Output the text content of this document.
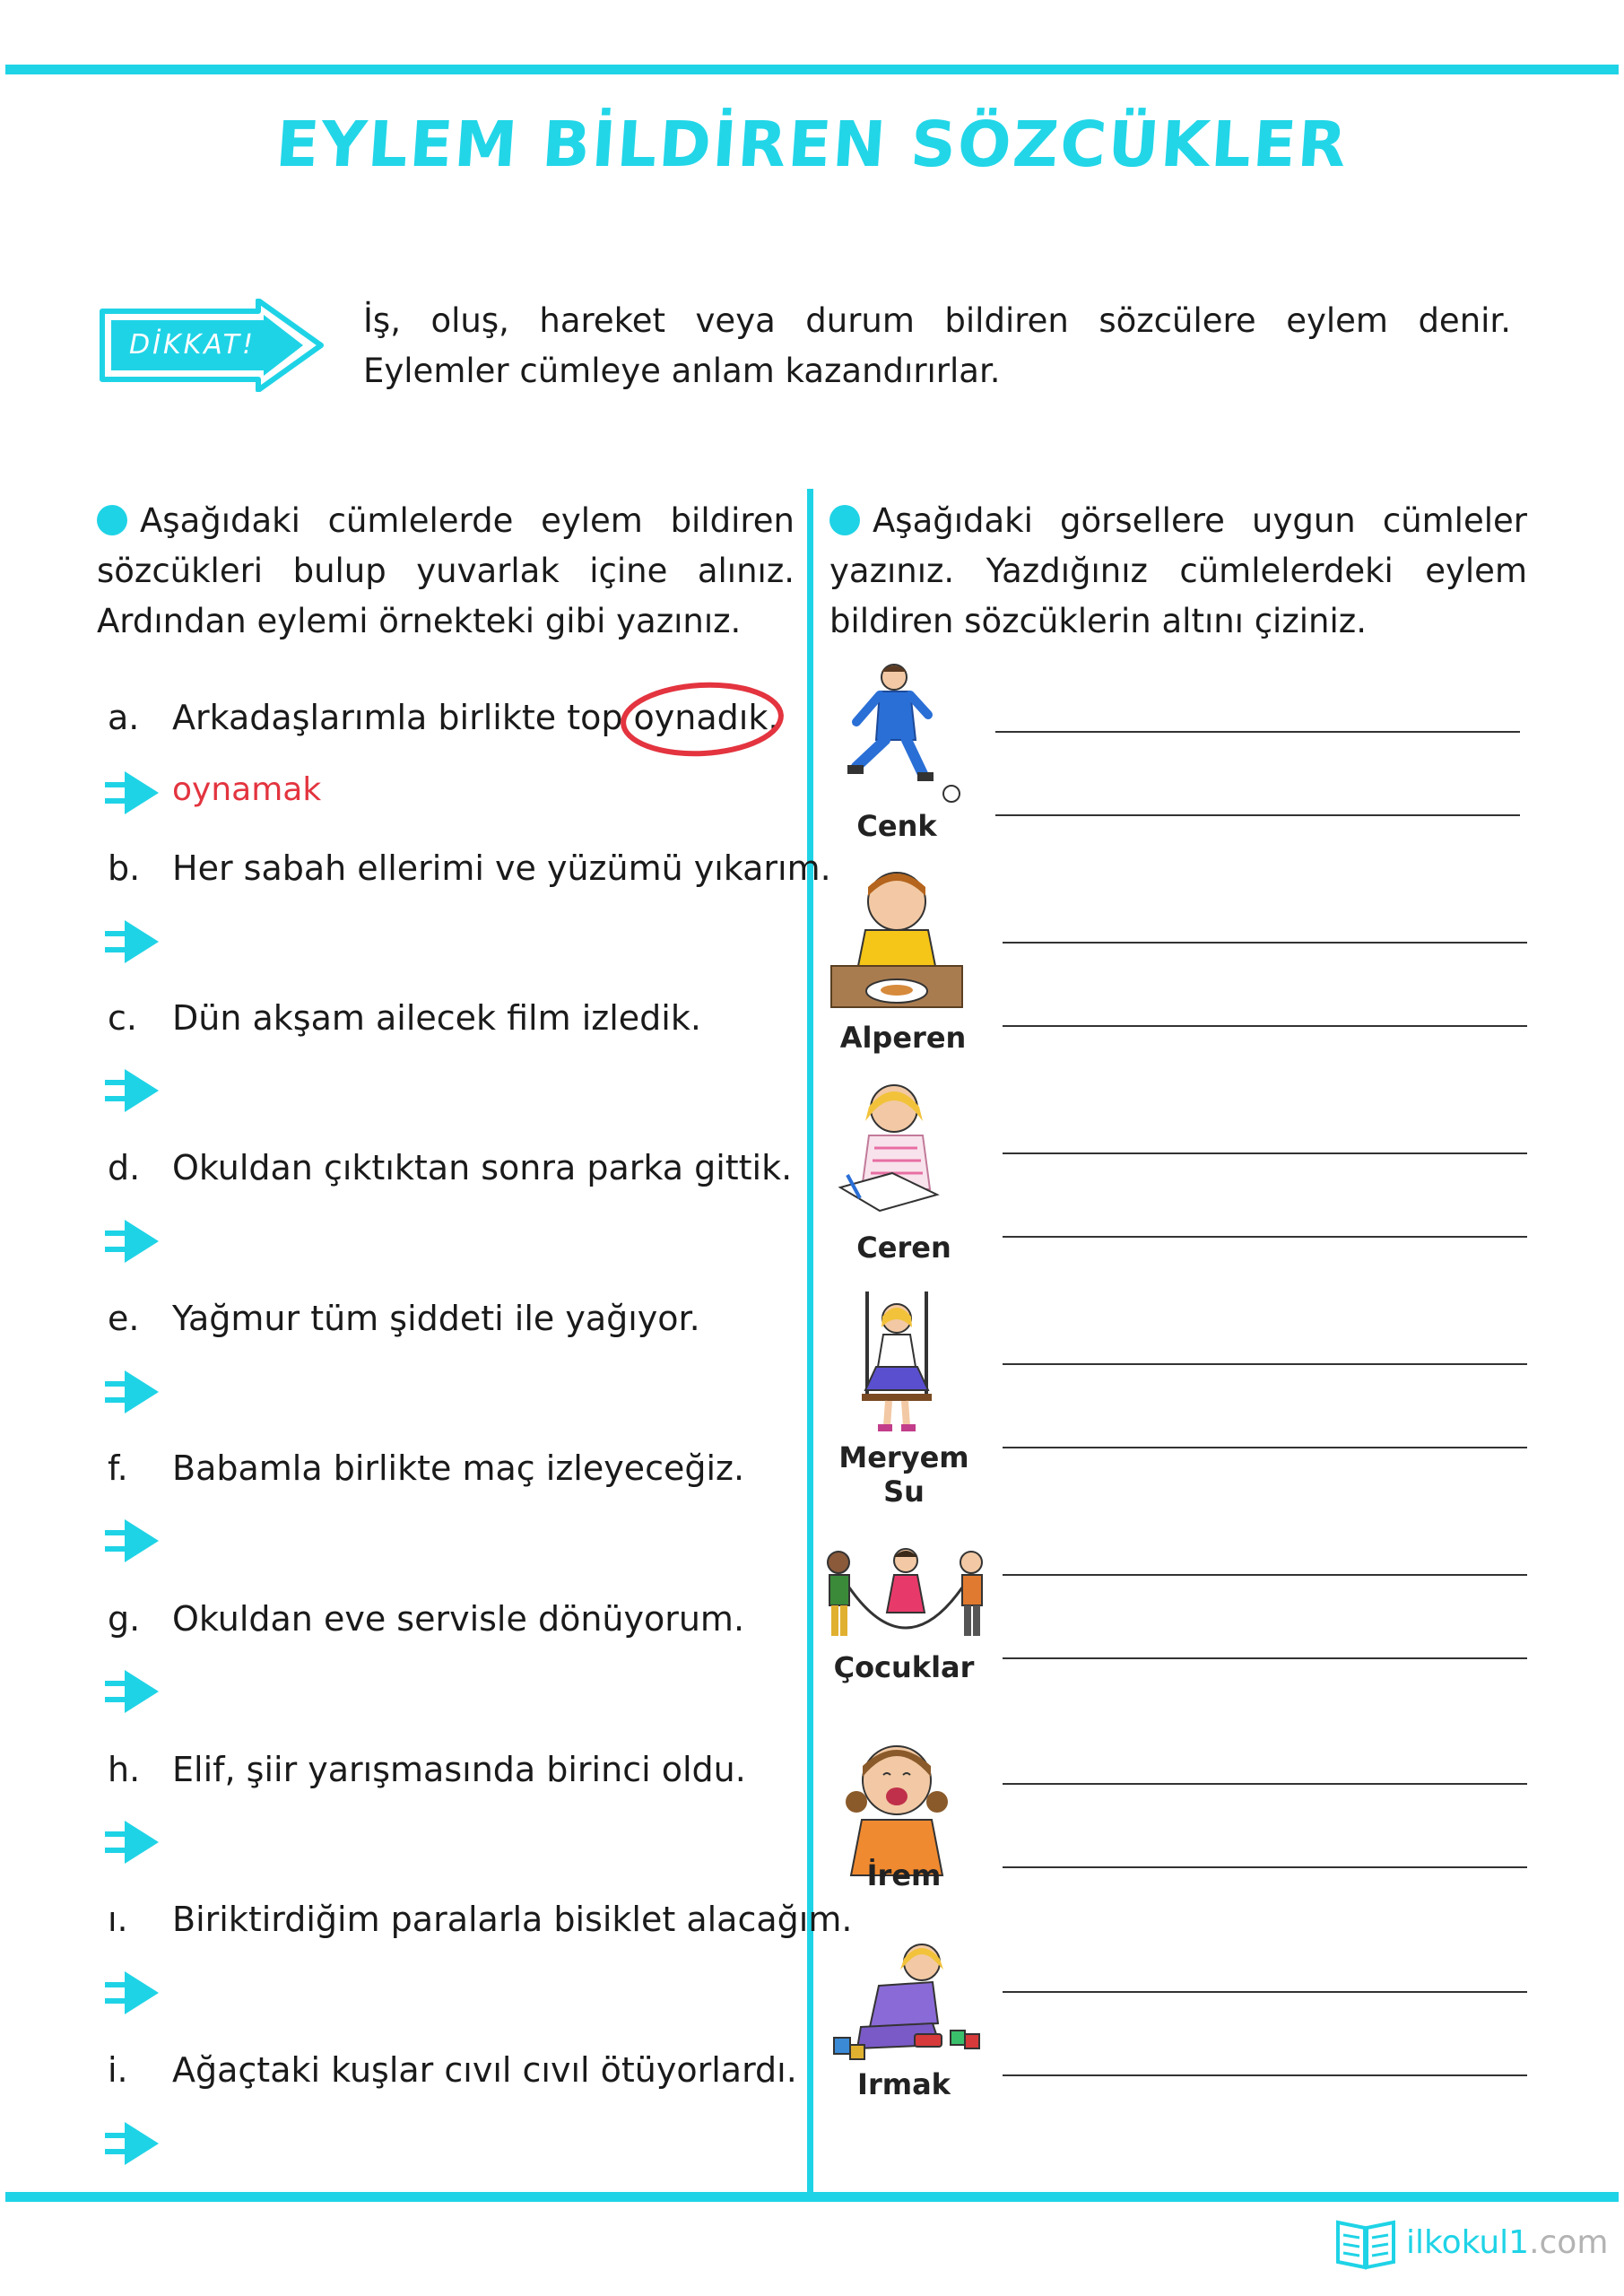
EYLEM BİLDİREN SÖZCÜKLER
DİKKAT!
İş, oluş, hareket veya durum bildiren sözcülere eylem denir. Eylemler cümleye anlam kazandırırlar.
Aşağıdaki cümlelerde eylem bildiren sözcükleri bulup yuvarlak içine alınız. Ardından eylemi örnekteki gibi yazınız.
Aşağıdaki görsellere uygun cümleler yazınız. Yazdığınız cümlelerdeki eylem bildiren sözcüklerin altını çiziniz.
a. Arkadaşlarımla birlikte top
oynadık.
oynamak
b. Her sabah ellerimi ve yüzümü yıkarım.
c. Dün akşam ailecek film izledik.
d. Okuldan çıktıktan sonra parka gittik.
e. Yağmur tüm şiddeti ile yağıyor.
f. Babamla birlikte maç izleyeceğiz.
g. Okuldan eve servisle dönüyorum.
h. Elif, şiir yarışmasında birinci oldu.
ı. Biriktirdiğim paralarla bisiklet alacağım.
i. Ağaçtaki kuşlar cıvıl cıvıl ötüyorlardı.
Cenk
Alperen
Ceren
Meryem Su
Çocuklar
İrem
Irmak
ilkokul1.com
